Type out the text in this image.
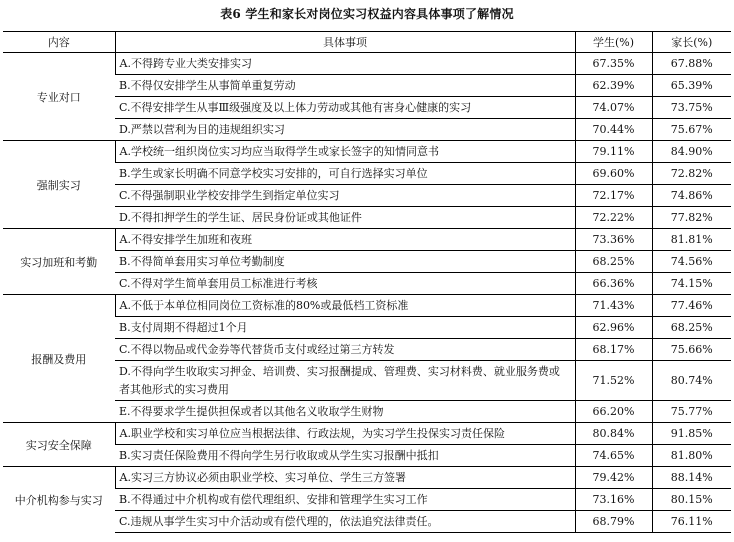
表6 学生和家长对岗位实习权益内容具体事项了解情况
内容	具体事项	学生(%)	家长(%)
专业对口	A.不得跨专业大类安排实习	67.35%	67.88%
	B.不得仅安排学生从事简单重复劳动	62.39%	65.39%
	C.不得安排学生从事Ⅲ级强度及以上体力劳动或其他有害身心健康的实习	74.07%	73.75%
	D.严禁以营利为目的违规组织实习	70.44%	75.67%
强制实习	A.学校统一组织岗位实习均应当取得学生或家长签字的知情同意书	79.11%	84.90%
	B.学生或家长明确不同意学校实习安排的，可自行选择实习单位	69.60%	72.82%
	C.不得强制职业学校安排学生到指定单位实习	72.17%	74.86%
	D.不得扣押学生的学生证、居民身份证或其他证件	72.22%	77.82%
实习加班和考勤	A.不得安排学生加班和夜班	73.36%	81.81%
	B.不得简单套用实习单位考勤制度	68.25%	74.56%
	C.不得对学生简单套用员工标准进行考核	66.36%	74.15%
报酬及费用	A.不低于本单位相同岗位工资标准的80%或最低档工资标准	71.43%	77.46%
	B.支付周期不得超过1个月	62.96%	68.25%
	C.不得以物品或代金券等代替货币支付或经过第三方转发	68.17%	75.66%
	D.不得向学生收取实习押金、培训费、实习报酬提成、管理费、实习材料费、就业服务费或者其他形式的实习费用	71.52%	80.74%
	E.不得要求学生提供担保或者以其他名义收取学生财物	66.20%	75.77%
实习安全保障	A.职业学校和实习单位应当根据法律、行政法规，为实习学生投保实习责任保险	80.84%	91.85%
	B.实习责任保险费用不得向学生另行收取或从学生实习报酬中抵扣	74.65%	81.80%
中介机构参与实习	A.实习三方协议必须由职业学校、实习单位、学生三方签署	79.42%	88.14%
	B.不得通过中介机构或有偿代理组织、安排和管理学生实习工作	73.16%	80.15%
	C.违规从事学生实习中介活动或有偿代理的，依法追究法律责任。	68.79%	76.11%
